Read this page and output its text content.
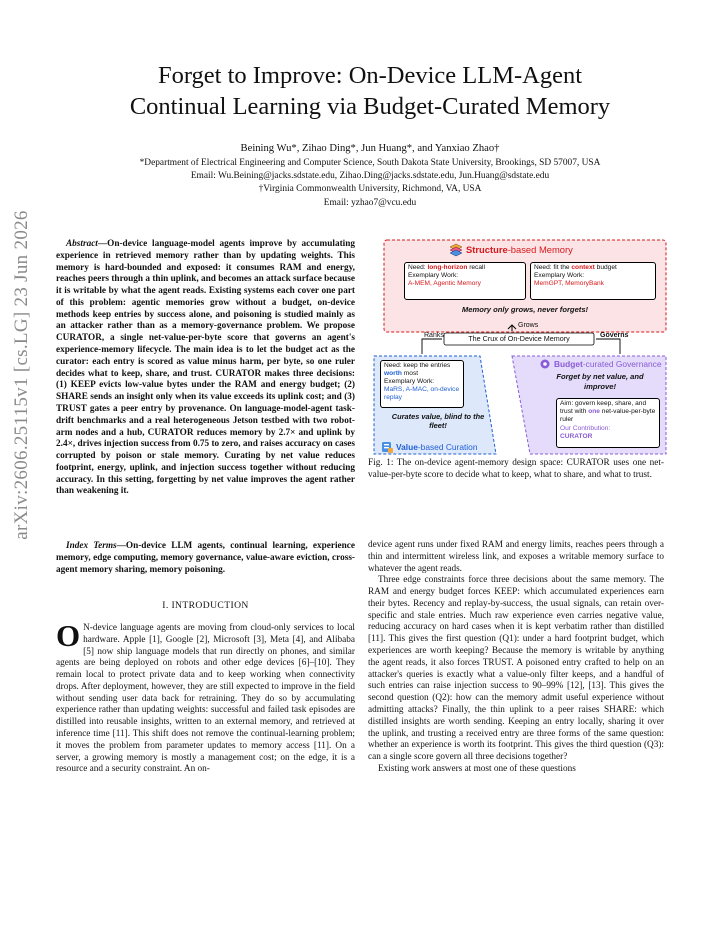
arXiv:2606.25115v1 [cs.LG] 23 Jun 2026
Forget to Improve: On-Device LLM-Agent
Continual Learning via Budget-Curated Memory
Beining Wu*, Zihao Ding*, Jun Huang*, and Yanxiao Zhao†
*Department of Electrical Engineering and Computer Science, South Dakota State University, Brookings, SD 57007, USA
Email: Wu.Beining@jacks.sdstate.edu, Zihao.Ding@jacks.sdstate.edu, Jun.Huang@sdstate.edu
†Virginia Commonwealth University, Richmond, VA, USA
Email: yzhao7@vcu.edu

Abstract—On-device language-model agents improve by accumulating experience in retrieved memory rather than by updating weights. This memory is hard-bounded and exposed: it consumes RAM and energy, reaches peers through a thin uplink, and becomes an attack surface because it is writable by what the agent reads. Existing systems each cover one part of this problem: agentic memories grow without a budget, on-device methods keep entries by success alone, and poisoning is studied mainly as an attacker rather than as a memory-governance problem. We propose CURATOR, a single net-value-per-byte score that governs an agent's experience-memory lifecycle. The main idea is to let the budget act as the curator: each entry is scored as value minus harm, per byte, so one ruler decides what to keep, share, and trust. CURATOR makes three decisions: (1) KEEP evicts low-value bytes under the RAM and energy budget; (2) SHARE sends an insight only when its value exceeds its uplink cost; and (3) TRUST gates a peer entry by provenance. On language-model-agent task-drift benchmarks and a real heterogeneous Jetson testbed with two robot-arm nodes and a hub, CURATOR reduces memory by 2.7× and uplink by 2.4×, drives injection success from 0.75 to zero, and raises accuracy on cases corrupted by poison or stale memory. Curating by net value reduces footprint, energy, uplink, and injection success together without reducing accuracy. In this setting, forgetting by net value improves the agent rather than weakening it.

Index Terms—On-device LLM agents, continual learning, experience memory, edge computing, memory governance, value-aware eviction, cross-agent memory sharing, memory poisoning.

I. INTRODUCTION

O N-device language agents are moving from cloud-only services to local hardware. Apple [1], Google [2], Microsoft [3], Meta [4], and Alibaba [5] now ship language models that run directly on phones, and similar agents are being deployed on robots and other edge devices [6]–[10]. They remain local to protect private data and to keep working when connectivity drops. After deployment, however, they are still expected to improve in the field without sending user data back for retraining. They do so by accumulating experience rather than updating weights: successful and failed task episodes are distilled into reusable insights, written to an external memory, and retrieved at inference time [11]. This shift does not remove the continual-learning problem; it moves the problem from parameter updates to memory access [11]. On a server, a growing memory is mostly a management cost; on the edge, it is a resource and a security constraint. An on-

Structure-based Memory
Need: long-horizon recall
Exemplary Work:
A-MEM, Agentic Memory
Need: fit the context budget
Exemplary Work:
MemGPT, MemoryBank
Memory only grows, never forgets!
Grows
Ranks	Governs
The Crux of On-Device Memory
Need: keep the entries
worth most
Exemplary Work:
MaRS, A-MAC, on-device replay
Curates value, blind to the fleet!
Value-based Curation
Budget-curated Governance
Forget by net value, and improve!
Aim: govern keep, share, and trust with one net-value-per-byte ruler
Our Contribution:
CURATOR
Fig. 1: The on-device agent-memory design space: CURATOR uses one net-value-per-byte score to decide what to keep, what to share, and what to trust.

device agent runs under fixed RAM and energy limits, reaches peers through a thin and intermittent wireless link, and exposes a writable memory surface to whatever the agent reads.

Three edge constraints force three decisions about the same memory. The RAM and energy budget forces KEEP: which accumulated experiences earn their bytes. Recency and replay-by-success, the usual signals, can retain over-specific and stale entries. Much raw experience even carries negative value, reducing accuracy on hard cases when it is kept verbatim rather than distilled [11]. This gives the first question (Q1): under a hard footprint budget, which experiences are worth keeping? Because the memory is writable by anything the agent reads, it also forces TRUST. A poisoned entry crafted to help on an attacker's queries is exactly what a value-only filter keeps, and a handful of such entries can raise injection success to 90–99% [12], [13]. This gives the second question (Q2): how can the memory admit useful experience without admitting attacks? Finally, the thin uplink to a peer raises SHARE: which distilled insights are worth sending. Keeping an entry locally, sharing it over the uplink, and trusting a received entry are three forms of the same question: whether an experience is worth its footprint. This gives the third question (Q3): can a single score govern all three decisions together?

Existing work answers at most one of these questions
